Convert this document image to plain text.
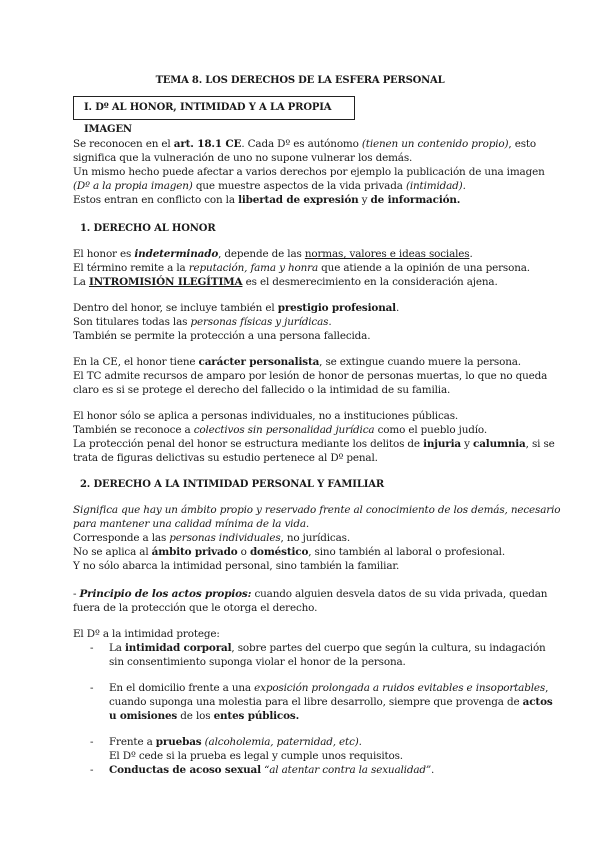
TEMA 8. LOS DERECHOS DE LA ESFERA PERSONAL
I. Dº AL HONOR, INTIMIDAD Y A LA PROPIA IMAGEN
Se reconocen en el art. 18.1 CE. Cada Dº es autónomo (tienen un contenido propio), esto
significa que la vulneración de uno no supone vulnerar los demás.
Un mismo hecho puede afectar a varios derechos por ejemplo la publicación de una imagen
(Dº a la propia imagen) que muestre aspectos de la vida privada (intimidad).
Estos entran en conflicto con la libertad de expresión y de información.
1. DERECHO AL HONOR
El honor es indeterminado, depende de las normas, valores e ideas sociales.
El término remite a la reputación, fama y honra que atiende a la opinión de una persona.
La INTROMISIÓN ILEGÍTIMA es el desmerecimiento en la consideración ajena.
Dentro del honor, se incluye también el prestigio profesional.
Son titulares todas las personas físicas y jurídicas.
También se permite la protección a una persona fallecida.
En la CE, el honor tiene carácter personalista, se extingue cuando muere la persona.
El TC admite recursos de amparo por lesión de honor de personas muertas, lo que no queda
claro es si se protege el derecho del fallecido o la intimidad de su familia.
El honor sólo se aplica a personas individuales, no a instituciones públicas.
También se reconoce a colectivos sin personalidad jurídica como el pueblo judío.
La protección penal del honor se estructura mediante los delitos de injuria y calumnia, si se
trata de figuras delictivas su estudio pertenece al Dº penal.
2. DERECHO A LA INTIMIDAD PERSONAL Y FAMILIAR
Significa que hay un ámbito propio y reservado frente al conocimiento de los demás, necesario
para mantener una calidad mínima de la vida.
Corresponde a las personas individuales, no jurídicas.
No se aplica al ámbito privado o doméstico, sino también al laboral o profesional.
Y no sólo abarca la intimidad personal, sino también la familiar.
- Principio de los actos propios: cuando alguien desvela datos de su vida privada, quedan
fuera de la protección que le otorga el derecho.
El Dº a la intimidad protege:
- La intimidad corporal, sobre partes del cuerpo que según la cultura, su indagación
sin consentimiento suponga violar el honor de la persona.
- En el domicilio frente a una exposición prolongada a ruidos evitables e insoportables,
cuando suponga una molestia para el libre desarrollo, siempre que provenga de actos
u omisiones de los entes públicos.
- Frente a pruebas (alcoholemia, paternidad, etc).
El Dº cede si la prueba es legal y cumple unos requisitos.
- Conductas de acoso sexual “al atentar contra la sexualidad”.
